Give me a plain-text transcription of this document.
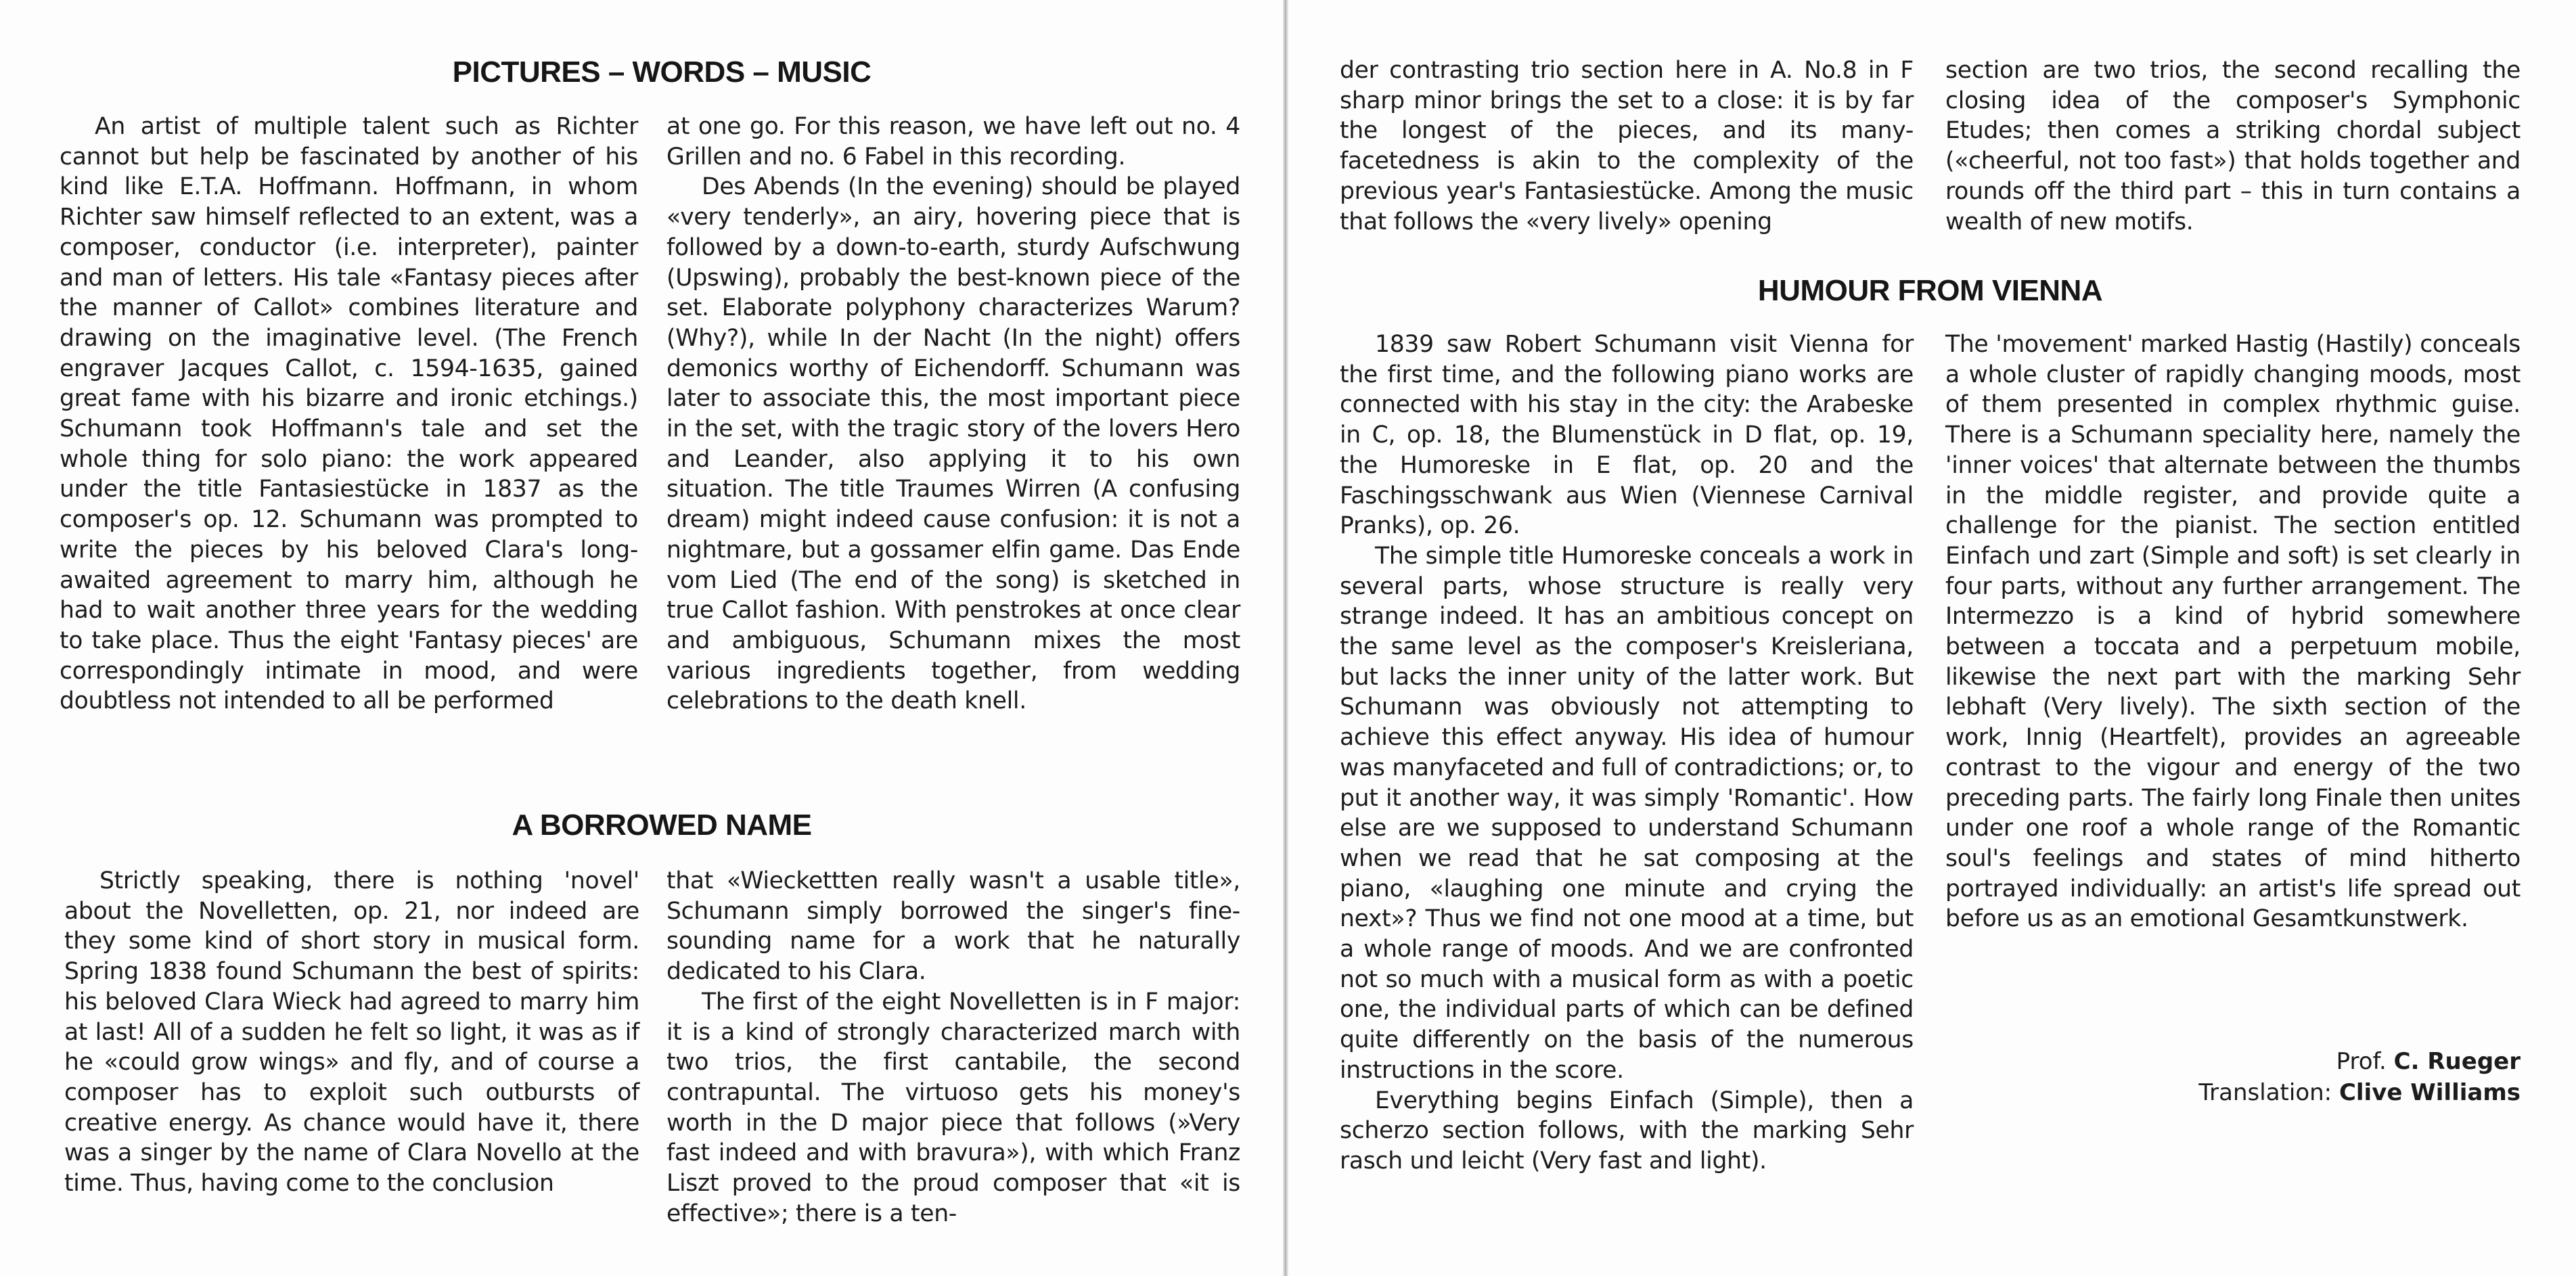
PICTURES – WORDS – MUSIC

An artist of multiple talent such as Richter cannot but help be fascinated by another of his kind like E.T.A. Hoffmann. Hoffmann, in whom Richter saw himself reflected to an extent, was a composer, conductor (i.e. interpreter), painter and man of letters. His tale «Fantasy pieces after the manner of Callot» combines literature and drawing on the imaginative level. (The French engraver Jacques Callot, c. 1594-1635, gained great fame with his bizarre and ironic etchings.) Schumann took Hoffmann's tale and set the whole thing for solo piano: the work appeared under the title Fantasiestücke in 1837 as the composer's op. 12. Schumann was prompted to write the pieces by his beloved Clara's long-awaited agreement to marry him, although he had to wait another three years for the wedding to take place. Thus the eight 'Fantasy pieces' are correspondingly intimate in mood, and were doubtless not intended to all be performed

at one go. For this reason, we have left out no. 4 Grillen and no. 6 Fabel in this recording.

Des Abends (In the evening) should be played «very tenderly», an airy, hovering piece that is followed by a down-to-earth, sturdy Aufschwung (Upswing), probably the best-known piece of the set. Elaborate polyphony characterizes Warum? (Why?), while In der Nacht (In the night) offers demonics worthy of Eichendorff. Schumann was later to associate this, the most important piece in the set, with the tragic story of the lovers Hero and Leander, also applying it to his own situation. The title Traumes Wirren (A confusing dream) might indeed cause confusion: it is not a nightmare, but a gossamer elfin game. Das Ende vom Lied (The end of the song) is sketched in true Callot fashion. With penstrokes at once clear and ambiguous, Schumann mixes the most various ingredients together, from wedding celebrations to the death knell.

A BORROWED NAME

Strictly speaking, there is nothing 'novel' about the Novelletten, op. 21, nor indeed are they some kind of short story in musical form. Spring 1838 found Schumann the best of spirits: his beloved Clara Wieck had agreed to marry him at last! All of a sudden he felt so light, it was as if he «could grow wings» and fly, and of course a composer has to exploit such outbursts of creative energy. As chance would have it, there was a singer by the name of Clara Novello at the time. Thus, having come to the conclusion

that «Wieckettten really wasn't a usable title», Schumann simply borrowed the singer's fine-sounding name for a work that he naturally dedicated to his Clara.

The first of the eight Novelletten is in F major: it is a kind of strongly characterized march with two trios, the first cantabile, the second contrapuntal. The virtuoso gets his money's worth in the D major piece that follows (»Very fast indeed and with bravura»), with which Franz Liszt proved to the proud composer that «it is effective»; there is a ten-

der contrasting trio section here in A. No.8 in F sharp minor brings the set to a close: it is by far the longest of the pieces, and its many-facetedness is akin to the complexity of the previous year's Fantasiestücke. Among the music that follows the «very lively» opening

section are two trios, the second recalling the closing idea of the composer's Symphonic Etudes; then comes a striking chordal subject («cheerful, not too fast») that holds together and rounds off the third part – this in turn contains a wealth of new motifs.

HUMOUR FROM VIENNA

1839 saw Robert Schumann visit Vienna for the first time, and the following piano works are connected with his stay in the city: the Arabeske in C, op. 18, the Blumenstück in D flat, op. 19, the Humoreske in E flat, op. 20 and the Faschingsschwank aus Wien (Viennese Carnival Pranks), op. 26.

The simple title Humoreske conceals a work in several parts, whose structure is really very strange indeed. It has an ambitious concept on the same level as the composer's Kreisleriana, but lacks the inner unity of the latter work. But Schumann was obviously not attempting to achieve this effect anyway. His idea of humour was manyfaceted and full of contradictions; or, to put it another way, it was simply 'Romantic'. How else are we supposed to understand Schumann when we read that he sat composing at the piano, «laughing one minute and crying the next»? Thus we find not one mood at a time, but a whole range of moods. And we are confronted not so much with a musical form as with a poetic one, the individual parts of which can be defined quite differently on the basis of the numerous instructions in the score.

Everything begins Einfach (Simple), then a scherzo section follows, with the marking Sehr rasch und leicht (Very fast and light).

The 'movement' marked Hastig (Hastily) conceals a whole cluster of rapidly changing moods, most of them presented in complex rhythmic guise. There is a Schumann speciality here, namely the 'inner voices' that alternate between the thumbs in the middle register, and provide quite a challenge for the pianist. The section entitled Einfach und zart (Simple and soft) is set clearly in four parts, without any further arrangement. The Intermezzo is a kind of hybrid somewhere between a toccata and a perpetuum mobile, likewise the next part with the marking Sehr lebhaft (Very lively). The sixth section of the work, Innig (Heartfelt), provides an agreeable contrast to the vigour and energy of the two preceding parts. The fairly long Finale then unites under one roof a whole range of the Romantic soul's feelings and states of mind hitherto portrayed individually: an artist's life spread out before us as an emotional Gesamtkunstwerk.

Prof. C. Rueger
Translation: Clive Williams
